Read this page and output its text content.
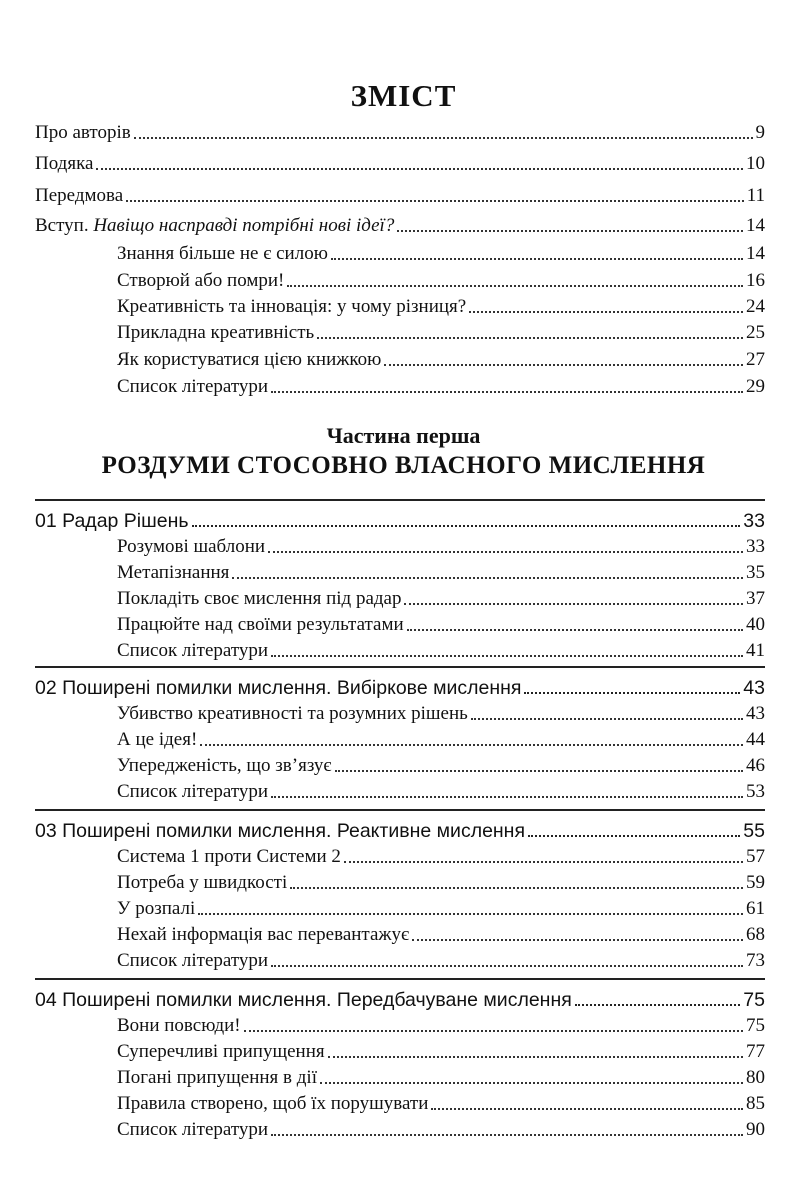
ЗМІСТ
Про авторів	9
Подяка	10
Передмова	11
Вступ. Навіщо насправді потрібні нові ідеї?	14
Знання більше не є силою	14
Створюй або помри!	16
Креативність та інновація: у чому різниця?	24
Прикладна креативність	25
Як користуватися цією книжкою	27
Список літератури	29
Частина перша
РОЗДУМИ СТОСОВНО ВЛАСНОГО МИСЛЕННЯ
01 Радар Рішень	33
Розумові шаблони	33
Метапізнання	35
Покладіть своє мислення під радар	37
Працюйте над своїми результатами	40
Список літератури	41
02 Поширені помилки мислення. Вибіркове мислення	43
Убивство креативності та розумних рішень	43
А це ідея!	44
Упередженість, що зв’язує	46
Список літератури	53
03 Поширені помилки мислення. Реактивне мислення	55
Система 1 проти Системи 2	57
Потреба у швидкості	59
У розпалі	61
Нехай інформація вас перевантажує	68
Список літератури	73
04 Поширені помилки мислення. Передбачуване мислення	75
Вони повсюди!	75
Суперечливі припущення	77
Погані припущення в дії	80
Правила створено, щоб їх порушувати	85
Список літератури	90
